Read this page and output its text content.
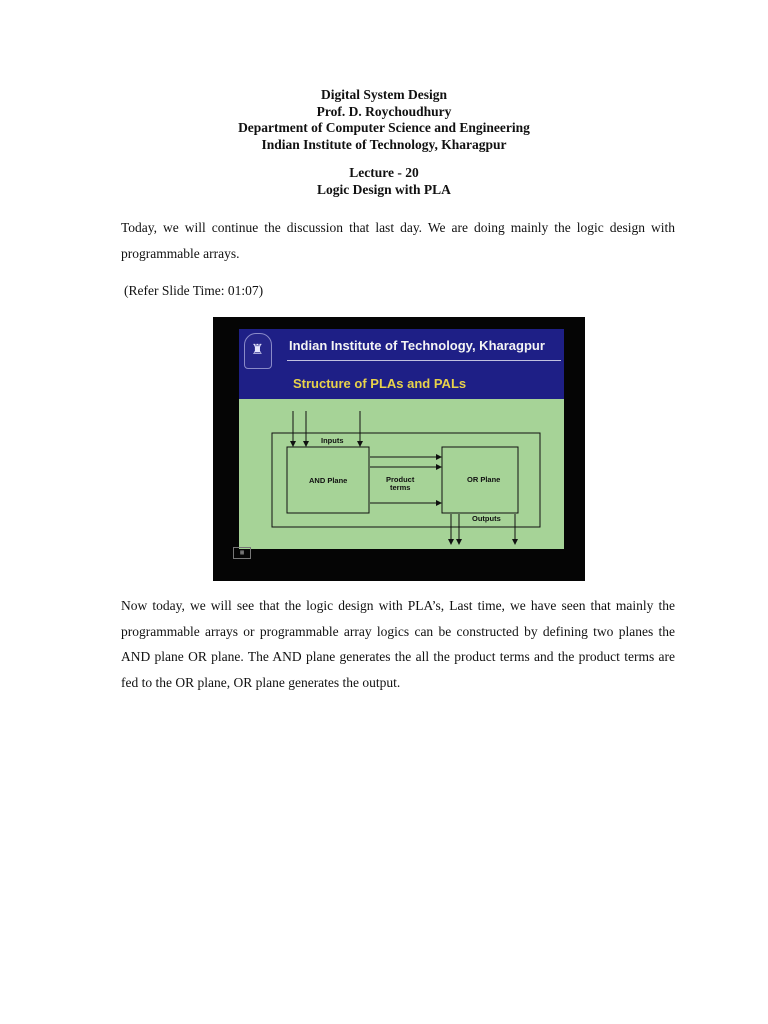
Digital System Design
Prof. D. Roychoudhury
Department of Computer Science and Engineering
Indian Institute of Technology, Kharagpur
Lecture - 20
Logic Design with PLA
Today, we will continue the discussion that last day. We are doing mainly the logic design with programmable arrays.
(Refer Slide Time: 01:07)
♜ Indian Institute of Technology, Kharagpur
Structure of PLAs and PALs
Inputs
AND Plane	Product
terms
OR Plane
Outputs
▦
Now today, we will see that the logic design with PLA’s, Last time, we have seen that mainly the programmable arrays or programmable array logics can be constructed by defining two planes the AND plane OR plane. The AND plane generates the all the product terms and the product terms are fed to the OR plane, OR plane generates the output.
